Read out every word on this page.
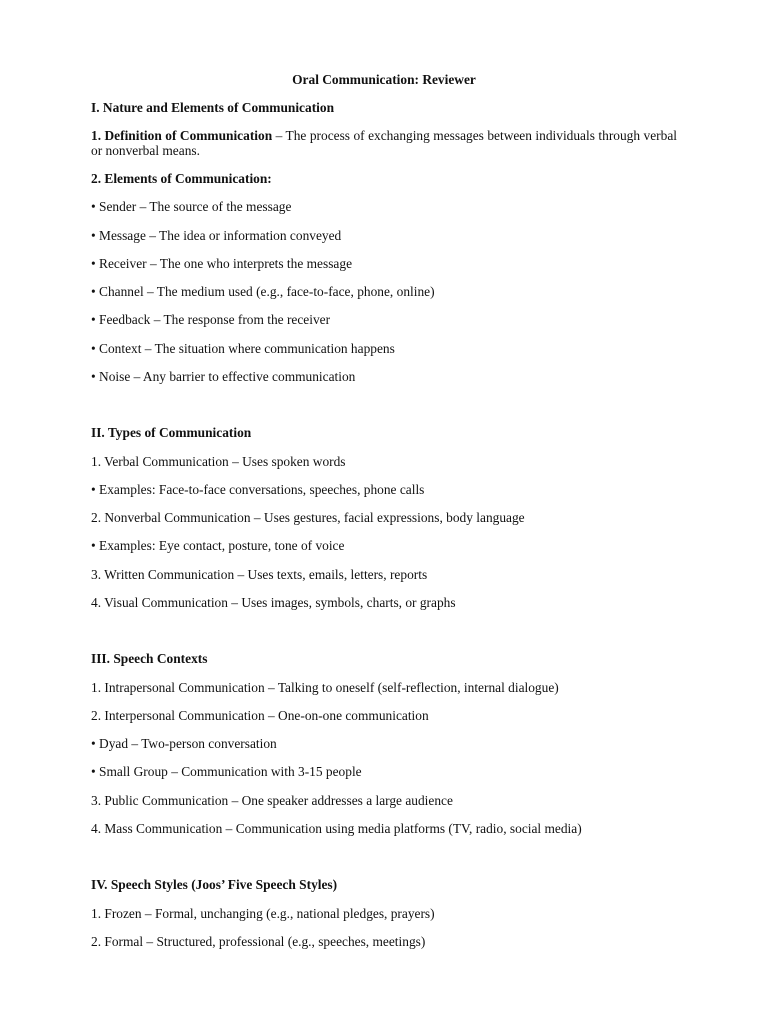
Oral Communication: Reviewer
I. Nature and Elements of Communication
1. Definition of Communication – The process of exchanging messages between individuals through verbal or nonverbal means.
2. Elements of Communication:
• Sender – The source of the message
• Message – The idea or information conveyed
• Receiver – The one who interprets the message
• Channel – The medium used (e.g., face-to-face, phone, online)
• Feedback – The response from the receiver
• Context – The situation where communication happens
• Noise – Any barrier to effective communication
II. Types of Communication
1. Verbal Communication – Uses spoken words
• Examples: Face-to-face conversations, speeches, phone calls
2. Nonverbal Communication – Uses gestures, facial expressions, body language
• Examples: Eye contact, posture, tone of voice
3. Written Communication – Uses texts, emails, letters, reports
4. Visual Communication – Uses images, symbols, charts, or graphs
III. Speech Contexts
1. Intrapersonal Communication – Talking to oneself (self-reflection, internal dialogue)
2. Interpersonal Communication – One-on-one communication
• Dyad – Two-person conversation
• Small Group – Communication with 3-15 people
3. Public Communication – One speaker addresses a large audience
4. Mass Communication – Communication using media platforms (TV, radio, social media)
IV. Speech Styles (Joos’ Five Speech Styles)
1. Frozen – Formal, unchanging (e.g., national pledges, prayers)
2. Formal – Structured, professional (e.g., speeches, meetings)
